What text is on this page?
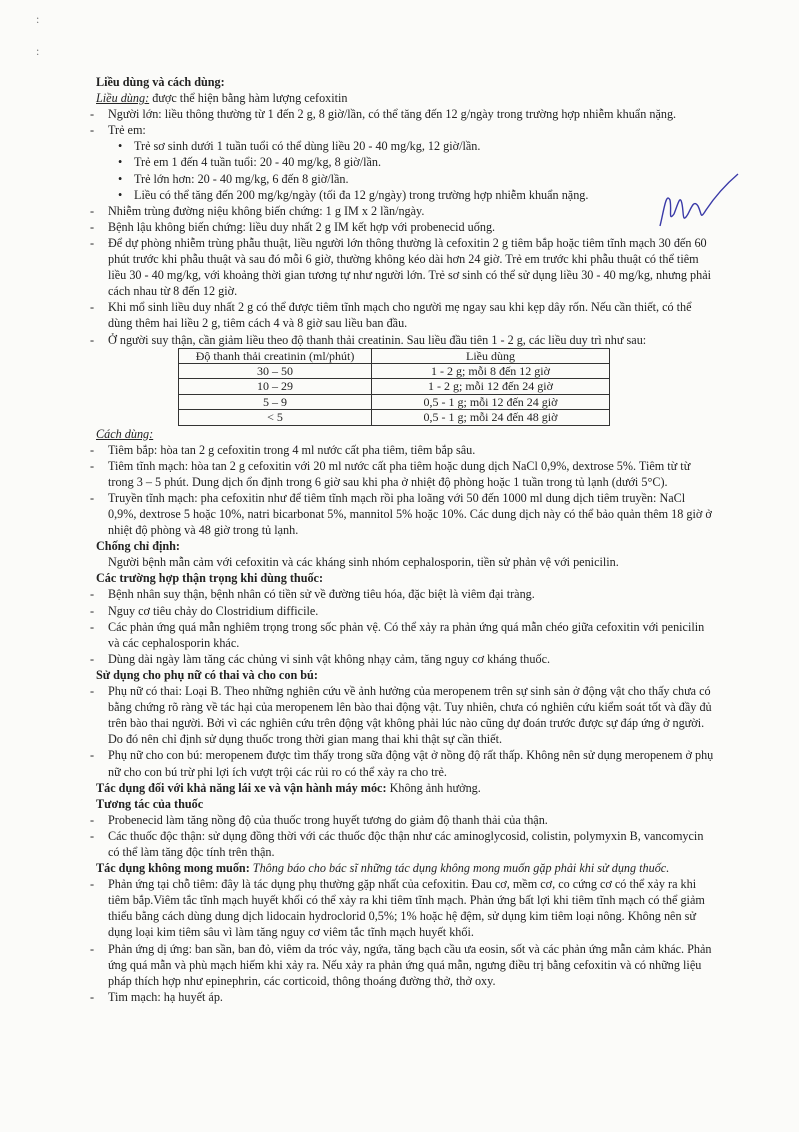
:
:

Liều dùng và cách dùng:

Liều dùng: được thể hiện bằng hàm lượng cefoxitin

- Người lớn: liều thông thường từ 1 đến 2 g, 8 giờ/lần, có thể tăng đến 12 g/ngày trong trường hợp nhiễm khuẩn nặng.

- Trẻ em:

• Trẻ sơ sinh dưới 1 tuần tuổi có thể dùng liều 20 - 40 mg/kg, 12 giờ/lần.

• Trẻ em 1 đến 4 tuần tuổi: 20 - 40 mg/kg, 8 giờ/lần.

• Trẻ lớn hơn: 20 - 40 mg/kg, 6 đến 8 giờ/lần.

• Liều có thể tăng đến 200 mg/kg/ngày (tối đa 12 g/ngày) trong trường hợp nhiễm khuẩn nặng.

- Nhiễm trùng đường niệu không biến chứng: 1 g IM x 2 lần/ngày.

- Bệnh lậu không biến chứng: liều duy nhất 2 g IM kết hợp với probenecid uống.

- Để dự phòng nhiễm trùng phẫu thuật, liều người lớn thông thường là cefoxitin 2 g tiêm bắp hoặc tiêm tĩnh mạch 30 đến 60 phút trước khi phẫu thuật và sau đó mỗi 6 giờ, thường không kéo dài hơn 24 giờ. Trẻ em trước khi phẫu thuật có thể tiêm liều 30 - 40 mg/kg, với khoảng thời gian tương tự như người lớn. Trẻ sơ sinh có thể sử dụng liều 30 - 40 mg/kg, nhưng phải cách nhau từ 8 đến 12 giờ.

- Khi mổ sinh liều duy nhất 2 g có thể được tiêm tĩnh mạch cho người mẹ ngay sau khi kẹp dây rốn. Nếu cần thiết, có thể dùng thêm hai liều 2 g, tiêm cách 4 và 8 giờ sau liều ban đầu.

- Ở người suy thận, cần giảm liều theo độ thanh thải creatinin. Sau liều đầu tiên 1 - 2 g, các liều duy trì như sau:

Độ thanh thải creatinin (ml/phút)	Liều dùng
30 – 50	1 - 2 g; mỗi 8 đến 12 giờ
10 – 29	1 - 2 g; mỗi 12 đến 24 giờ
5 – 9	0,5 - 1 g; mỗi 12 đến 24 giờ
< 5	0,5 - 1 g; mỗi 24 đến 48 giờ

Cách dùng:

- Tiêm bắp: hòa tan 2 g cefoxitin trong 4 ml nước cất pha tiêm, tiêm bắp sâu.

- Tiêm tĩnh mạch: hòa tan 2 g cefoxitin với 20 ml nước cất pha tiêm hoặc dung dịch NaCl 0,9%, dextrose 5%. Tiêm từ từ trong 3 – 5 phút. Dung dịch ổn định trong 6 giờ sau khi pha ở nhiệt độ phòng hoặc 1 tuần trong tủ lạnh (dưới 5°C).

- Truyền tĩnh mạch: pha cefoxitin như để tiêm tĩnh mạch rồi pha loãng với 50 đến 1000 ml dung dịch tiêm truyền: NaCl 0,9%, dextrose 5 hoặc 10%, natri bicarbonat 5%, mannitol 5% hoặc 10%. Các dung dịch này có thể bảo quản thêm 18 giờ ở nhiệt độ phòng và 48 giờ trong tủ lạnh.

Chống chỉ định:

Người bệnh mẫn cảm với cefoxitin và các kháng sinh nhóm cephalosporin, tiền sử phản vệ với penicilin.

Các trường hợp thận trọng khi dùng thuốc:

- Bệnh nhân suy thận, bệnh nhân có tiền sử về đường tiêu hóa, đặc biệt là viêm đại tràng.

- Nguy cơ tiêu chảy do Clostridium difficile.

- Các phản ứng quá mẫn nghiêm trọng trong sốc phản vệ. Có thể xảy ra phản ứng quá mẫn chéo giữa cefoxitin với penicilin và các cephalosporin khác.

- Dùng dài ngày làm tăng các chủng vi sinh vật không nhạy cảm, tăng nguy cơ kháng thuốc.

Sử dụng cho phụ nữ có thai và cho con bú:

- Phụ nữ có thai: Loại B. Theo những nghiên cứu về ảnh hưởng của meropenem trên sự sinh sản ở động vật cho thấy chưa có bằng chứng rõ ràng về tác hại của meropenem lên bào thai động vật. Tuy nhiên, chưa có nghiên cứu kiểm soát tốt và đầy đủ trên bào thai người. Bởi vì các nghiên cứu trên động vật không phải lúc nào cũng dự đoán trước được sự đáp ứng ở người. Do đó nên chỉ định sử dụng thuốc trong thời gian mang thai khi thật sự cần thiết.

- Phụ nữ cho con bú: meropenem được tìm thấy trong sữa động vật ở nồng độ rất thấp. Không nên sử dụng meropenem ở phụ nữ cho con bú trừ phi lợi ích vượt trội các rủi ro có thể xảy ra cho trẻ.

Tác dụng đối với khả năng lái xe và vận hành máy móc: Không ảnh hưởng.

Tương tác của thuốc

- Probenecid làm tăng nồng độ của thuốc trong huyết tương do giảm độ thanh thải của thận.

- Các thuốc độc thận: sử dụng đồng thời với các thuốc độc thận như các aminoglycosid, colistin, polymyxin B, vancomycin có thể làm tăng độc tính trên thận.

Tác dụng không mong muốn: Thông báo cho bác sĩ những tác dụng không mong muốn gặp phải khi sử dụng thuốc.

- Phản ứng tại chỗ tiêm: đây là tác dụng phụ thường gặp nhất của cefoxitin. Đau cơ, mềm cơ, co cứng cơ có thể xảy ra khi tiêm bắp.Viêm tắc tĩnh mạch huyết khối có thể xảy ra khi tiêm tĩnh mạch. Phản ứng bất lợi khi tiêm tĩnh mạch có thể giảm thiểu bằng cách dùng dung dịch lidocain hydroclorid 0,5%; 1% hoặc hệ đệm, sử dụng kim tiêm loại nông. Không nên sử dụng loại kim tiêm sâu vì làm tăng nguy cơ viêm tắc tĩnh mạch huyết khối.

- Phản ứng dị ứng: ban sần, ban đỏ, viêm da tróc vảy, ngứa, tăng bạch cầu ưa eosin, sốt và các phản ứng mẫn cảm khác. Phản ứng quá mẫn và phù mạch hiếm khi xảy ra. Nếu xảy ra phản ứng quá mẫn, ngưng điều trị bằng cefoxitin và có những liệu pháp thích hợp như epinephrin, các corticoid, thông thoáng đường thở, thở oxy.

- Tim mạch: hạ huyết áp.
